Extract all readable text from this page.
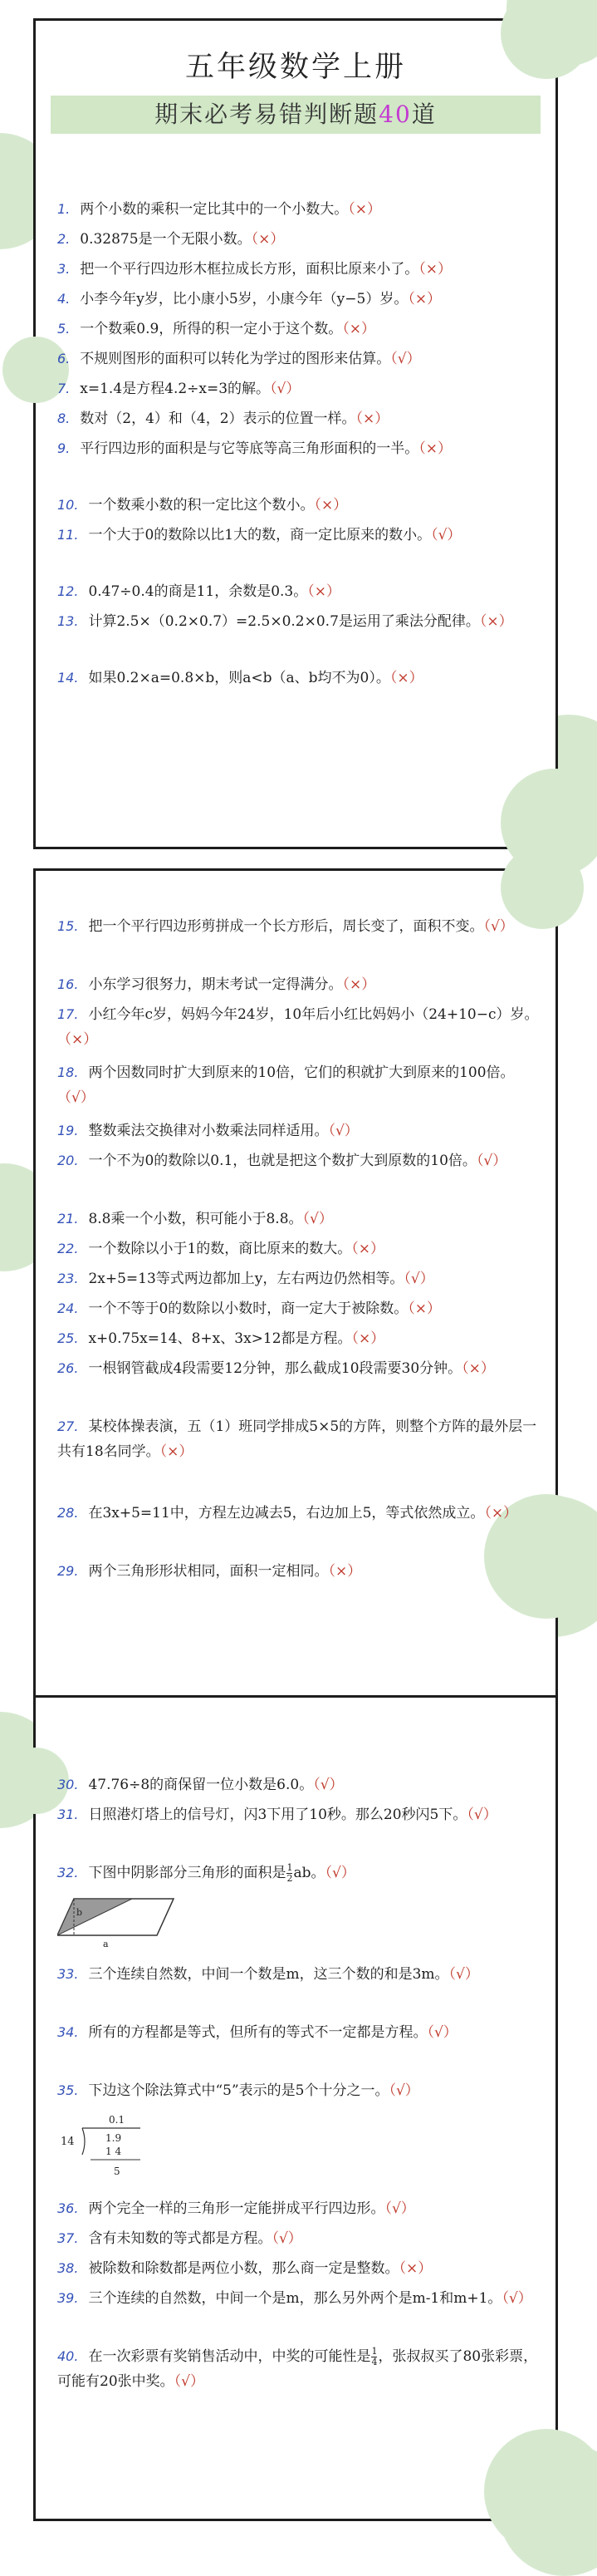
五年级数学上册
期末必考易错判断题40道
1. 两个小数的乘积一定比其中的一个小数大。（×）
2. 0.32875是一个无限小数。（×）
3. 把一个平行四边形木框拉成长方形，面积比原来小了。（×）
4. 小李今年y岁，比小康小5岁，小康今年（y−5）岁。（×）
5. 一个数乘0.9，所得的积一定小于这个数。（×）
6. 不规则图形的面积可以转化为学过的图形来估算。（√）
7. x=1.4是方程4.2÷x=3的解。（√）
8. 数对（2，4）和（4，2）表示的位置一样。（×）
9. 平行四边形的面积是与它等底等高三角形面积的一半。（×）
10. 一个数乘小数的积一定比这个数小。（×）
11. 一个大于0的数除以比1大的数，商一定比原来的数小。（√）
12. 0.47÷0.4的商是11，余数是0.3。（×）
13. 计算2.5×（0.2×0.7）=2.5×0.2×0.7是运用了乘法分配律。（×）
14. 如果0.2×a=0.8×b，则a<b（a、b均不为0）。（×）
15. 把一个平行四边形剪拼成一个长方形后，周长变了，面积不变。（√）
16. 小东学习很努力，期末考试一定得满分。（×）
17. 小红今年c岁，妈妈今年24岁，10年后小红比妈妈小（24+10−c）岁。（×）
18. 两个因数同时扩大到原来的10倍，它们的积就扩大到原来的100倍。（√）
19. 整数乘法交换律对小数乘法同样适用。（√）
20. 一个不为0的数除以0.1，也就是把这个数扩大到原数的10倍。（√）
21. 8.8乘一个小数，积可能小于8.8。（√）
22. 一个数除以小于1的数，商比原来的数大。（×）
23. 2x+5=13等式两边都加上y，左右两边仍然相等。（√）
24. 一个不等于0的数除以小数时，商一定大于被除数。（×）
25. x+0.75x=14、8+x、3x>12都是方程。（×）
26. 一根钢管截成4段需要12分钟，那么截成10段需要30分钟。（×）
27. 某校体操表演，五（1）班同学排成5×5的方阵，则整个方阵的最外层一共有18名同学。（×）
28. 在3x+5=11中，方程左边减去5，右边加上5，等式依然成立。（×）
29. 两个三角形形状相同，面积一定相同。（×）
30. 47.76÷8的商保留一位小数是6.0。（√）
31. 日照港灯塔上的信号灯，闪3下用了10秒。那么20秒闪5下。（√）
32. 下图中阴影部分三角形的面积是 $\frac{1}{2}$ ab。（√）
b
a
33. 三个连续自然数，中间一个数是m，这三个数的和是3m。（√）
34. 所有的方程都是等式，但所有的等式不一定都是方程。（√）
35. 下边这个除法算式中“5”表示的是5个十分之一。（√）
0.1
14	1.9
1 4
5
36. 两个完全一样的三角形一定能拼成平行四边形。（√）
37. 含有未知数的等式都是方程。（√）
38. 被除数和除数都是两位小数，那么商一定是整数。（×）
39. 三个连续的自然数，中间一个是m，那么另外两个是m-1和m+1。（√）
40. 在一次彩票有奖销售活动中，中奖的可能性是 $\frac{1}{4}$ ，张叔叔买了80张彩票，可能有20张中奖。（√）
